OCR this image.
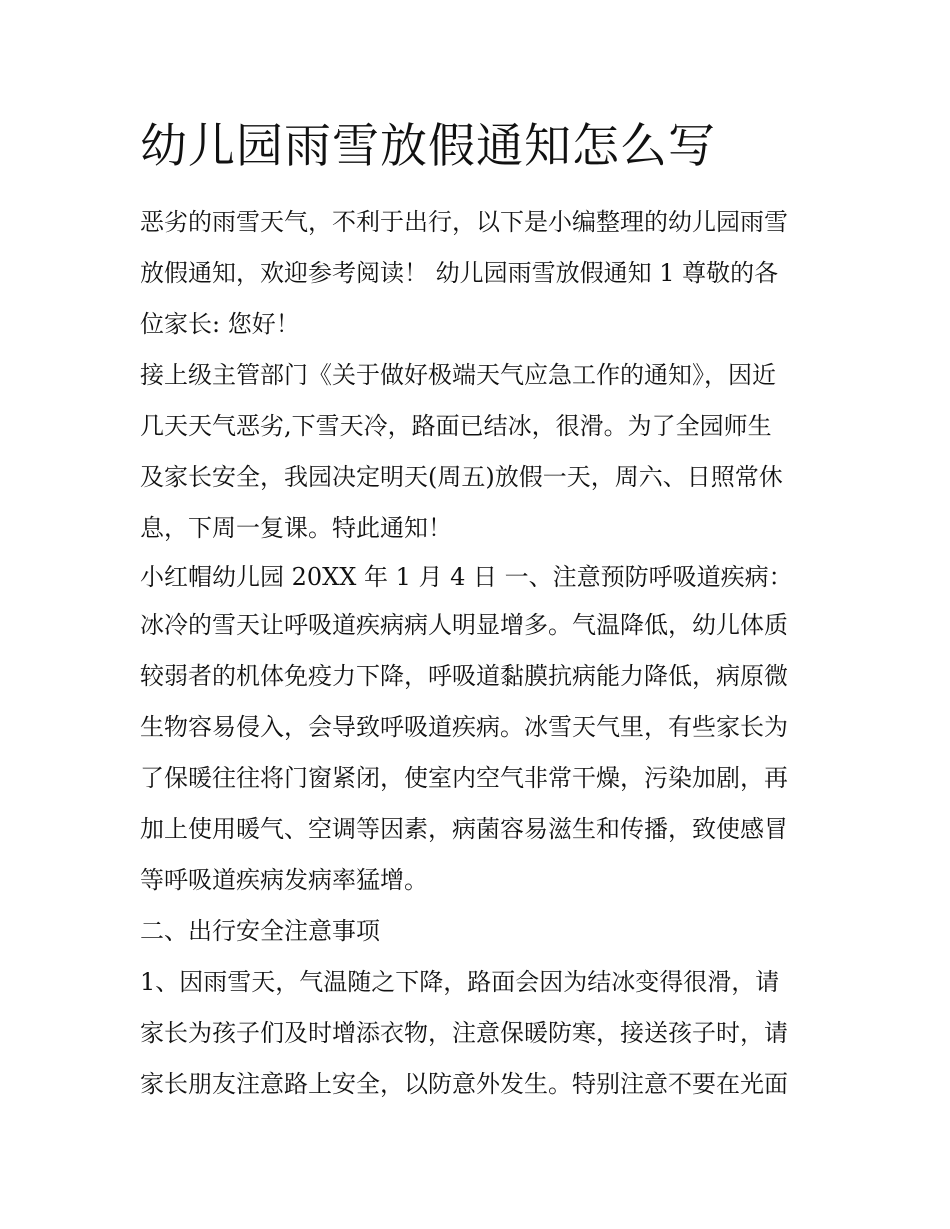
幼儿园雨雪放假通知怎么写
恶劣的雨雪天气，不利于出行，以下是小编整理的幼儿园雨雪
放假通知，欢迎参考阅读！ 幼儿园雨雪放假通知 1 尊敬的各
位家长: 您好！
接上级主管部门《关于做好极端天气应急工作的通知》，因近
几天天气恶劣,下雪天冷，路面已结冰，很滑。为了全园师生
及家长安全，我园决定明天(周五)放假一天，周六、日照常休
息，下周一复课。特此通知！
小红帽幼儿园 20XX 年 1 月 4 日 一、注意预防呼吸道疾病：
冰冷的雪天让呼吸道疾病病人明显增多。气温降低，幼儿体质
较弱者的机体免疫力下降，呼吸道黏膜抗病能力降低，病原微
生物容易侵入，会导致呼吸道疾病。冰雪天气里，有些家长为
了保暖往往将门窗紧闭，使室内空气非常干燥，污染加剧，再
加上使用暖气、空调等因素，病菌容易滋生和传播，致使感冒
等呼吸道疾病发病率猛增。
二、出行安全注意事项
1、因雨雪天，气温随之下降，路面会因为结冰变得很滑，请
家长为孩子们及时增添衣物，注意保暖防寒，接送孩子时，请
家长朋友注意路上安全，以防意外发生。特别注意不要在光面
